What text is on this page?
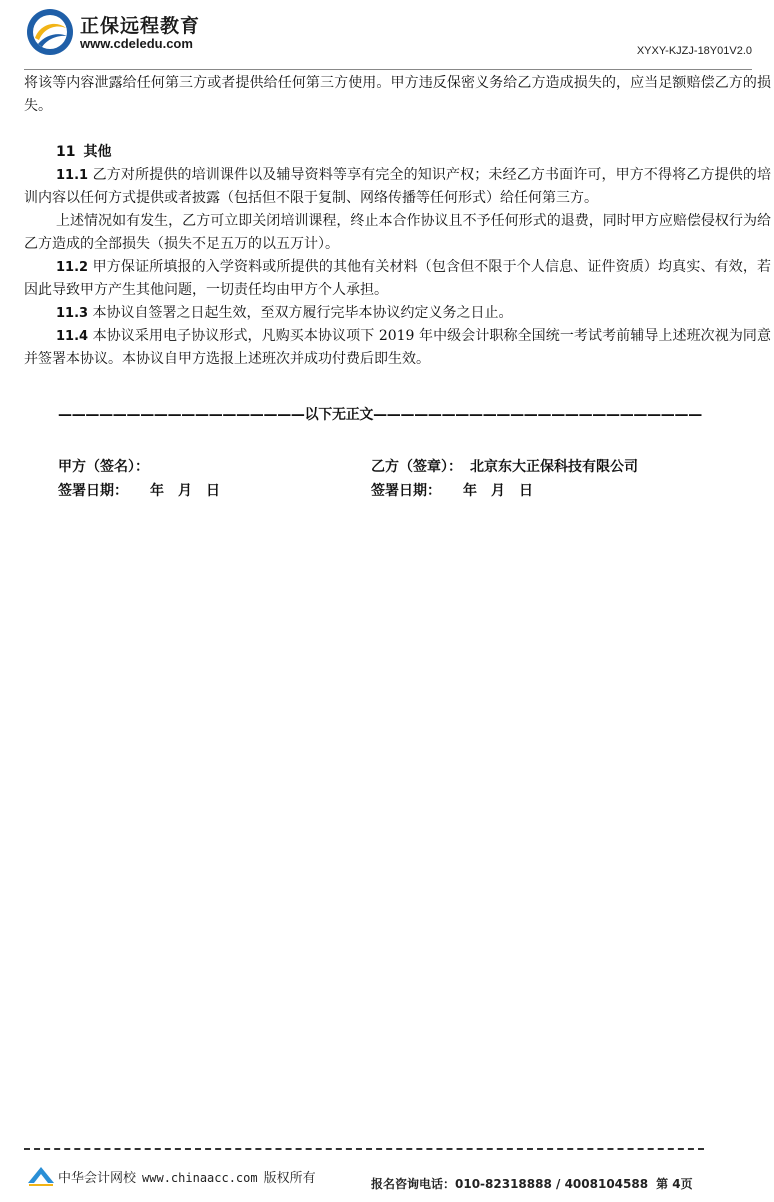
正保远程教育
www.cdeledu.com	XYXY-KJZJ-18Y01V2.0

将该等内容泄露给任何第三方或者提供给任何第三方使用。甲方违反保密义务给乙方造成损失的，应当足额赔偿乙方的损失。

11 其他

11.1 乙方对所提供的培训课件以及辅导资料等享有完全的知识产权；未经乙方书面许可，甲方不得将乙方提供的培训内容以任何方式提供或者披露（包括但不限于复制、网络传播等任何形式）给任何第三方。

上述情况如有发生，乙方可立即关闭培训课程，终止本合作协议且不予任何形式的退费，同时甲方应赔偿侵权行为给乙方造成的全部损失（损失不足五万的以五万计）。

11.2 甲方保证所填报的入学资料或所提供的其他有关材料（包含但不限于个人信息、证件资质）均真实、有效，若因此导致甲方产生其他问题，一切责任均由甲方个人承担。

11.3 本协议自签署之日起生效，至双方履行完毕本协议约定义务之日止。

11.4 本协议采用电子协议形式，凡购买本协议项下 2019 年中级会计职称全国统一考试考前辅导上述班次视为同意并签署本协议。本协议自甲方选报上述班次并成功付费后即生效。

——————————————————以下无正文————————————————————————
甲方（签名）：
签署日期： 年 月 日
乙方（签章）： 北京东大正保科技有限公司
签署日期： 年 月 日
中华会计网校 www.chinaacc.com 版权所有	报名咨询电话：010-82318888 / 4008104588 第 4页
